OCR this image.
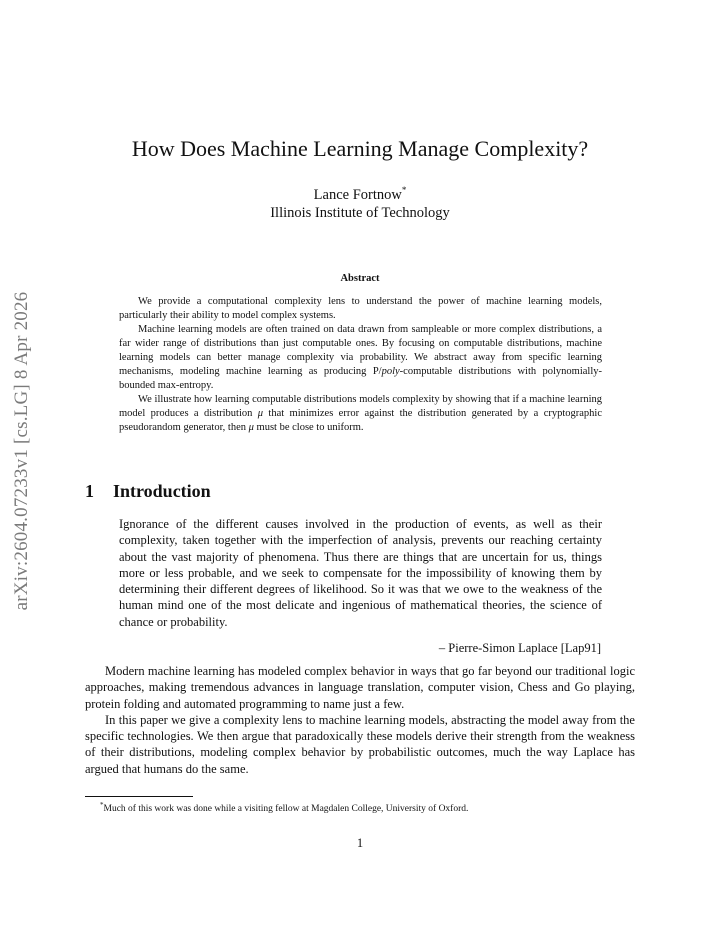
arXiv:2604.07233v1 [cs.LG] 8 Apr 2026
How Does Machine Learning Manage Complexity?
Lance Fortnow*
Illinois Institute of Technology
Abstract

We provide a computational complexity lens to understand the power of machine learning models, particularly their ability to model complex systems.

Machine learning models are often trained on data drawn from sampleable or more complex distributions, a far wider range of distributions than just computable ones. By focusing on computable distributions, machine learning models can better manage complexity via probability. We abstract away from specific learning mechanisms, modeling machine learning as producing P/poly-computable distributions with polynomially-bounded max-entropy.

We illustrate how learning computable distributions models complexity by showing that if a machine learning model produces a distribution μ that minimizes error against the distribution generated by a cryptographic pseudorandom generator, then μ must be close to uniform.

1 Introduction

Ignorance of the different causes involved in the production of events, as well as their complexity, taken together with the imperfection of analysis, prevents our reaching certainty about the vast majority of phenomena. Thus there are things that are uncertain for us, things more or less probable, and we seek to compensate for the impossibility of knowing them by determining their different degrees of likelihood. So it was that we owe to the weakness of the human mind one of the most delicate and ingenious of mathematical theories, the science of chance or probability.

– Pierre-Simon Laplace [Lap91]

Modern machine learning has modeled complex behavior in ways that go far beyond our traditional logic approaches, making tremendous advances in language translation, computer vision, Chess and Go playing, protein folding and automated programming to name just a few.

In this paper we give a complexity lens to machine learning models, abstracting the model away from the specific technologies. We then argue that paradoxically these models derive their strength from the weakness of their distributions, modeling complex behavior by probabilistic outcomes, much the way Laplace has argued that humans do the same.

*Much of this work was done while a visiting fellow at Magdalen College, University of Oxford.
1
